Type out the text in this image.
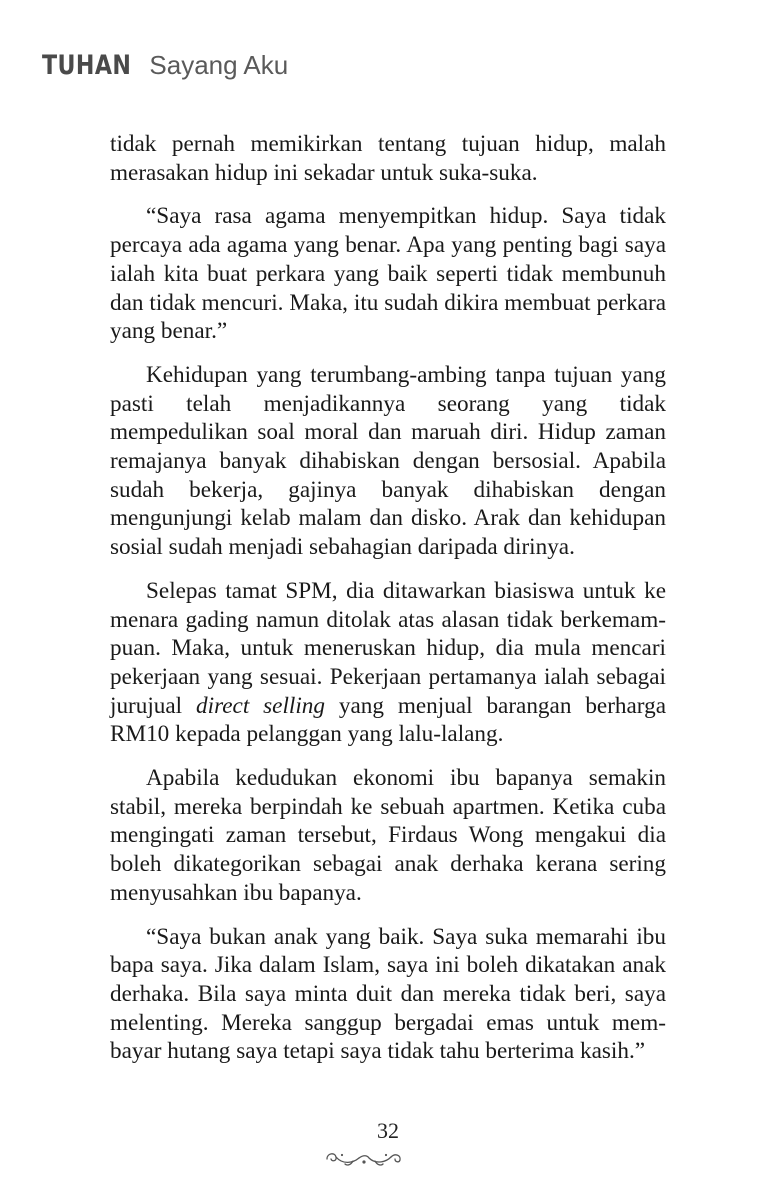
TUHAN Sayang Aku

tidak pernah memikirkan tentang tujuan hidup, malah merasakan hidup ini sekadar untuk suka-suka.

“Saya rasa agama menyempitkan hidup. Saya tidak percaya ada agama yang benar. Apa yang penting bagi saya ialah kita buat perkara yang baik seperti tidak membunuh dan tidak mencuri. Maka, itu sudah dikira membuat perkara yang benar.”

Kehidupan yang terumbang-ambing tanpa tujuan yang pasti telah menjadikannya seorang yang tidak mempedulikan soal moral dan maruah diri. Hidup zaman remajanya banyak dihabiskan dengan bersosial. Apabila sudah bekerja, gajinya banyak dihabiskan dengan mengunjungi kelab malam dan disko. Arak dan kehidupan sosial sudah menjadi sebahagian daripada dirinya.

Selepas tamat SPM, dia ditawarkan biasiswa untuk ke menara gading namun ditolak atas alasan tidak berkemampuan. Maka, untuk meneruskan hidup, dia mula mencari pekerjaan yang sesuai. Pekerjaan pertamanya ialah sebagai jurujual direct selling yang menjual barangan berharga RM10 kepada pelanggan yang lalu-lalang.

Apabila kedudukan ekonomi ibu bapanya semakin stabil, mereka berpindah ke sebuah apartmen. Ketika cuba mengingati zaman tersebut, Firdaus Wong mengakui dia boleh dikategorikan sebagai anak derhaka kerana sering menyusahkan ibu bapanya.

“Saya bukan anak yang baik. Saya suka memarahi ibu bapa saya. Jika dalam Islam, saya ini boleh dikatakan anak derhaka. Bila saya minta duit dan mereka tidak beri, saya melenting. Mereka sanggup bergadai emas untuk membayar hutang saya tetapi saya tidak tahu berterima kasih.”

32
